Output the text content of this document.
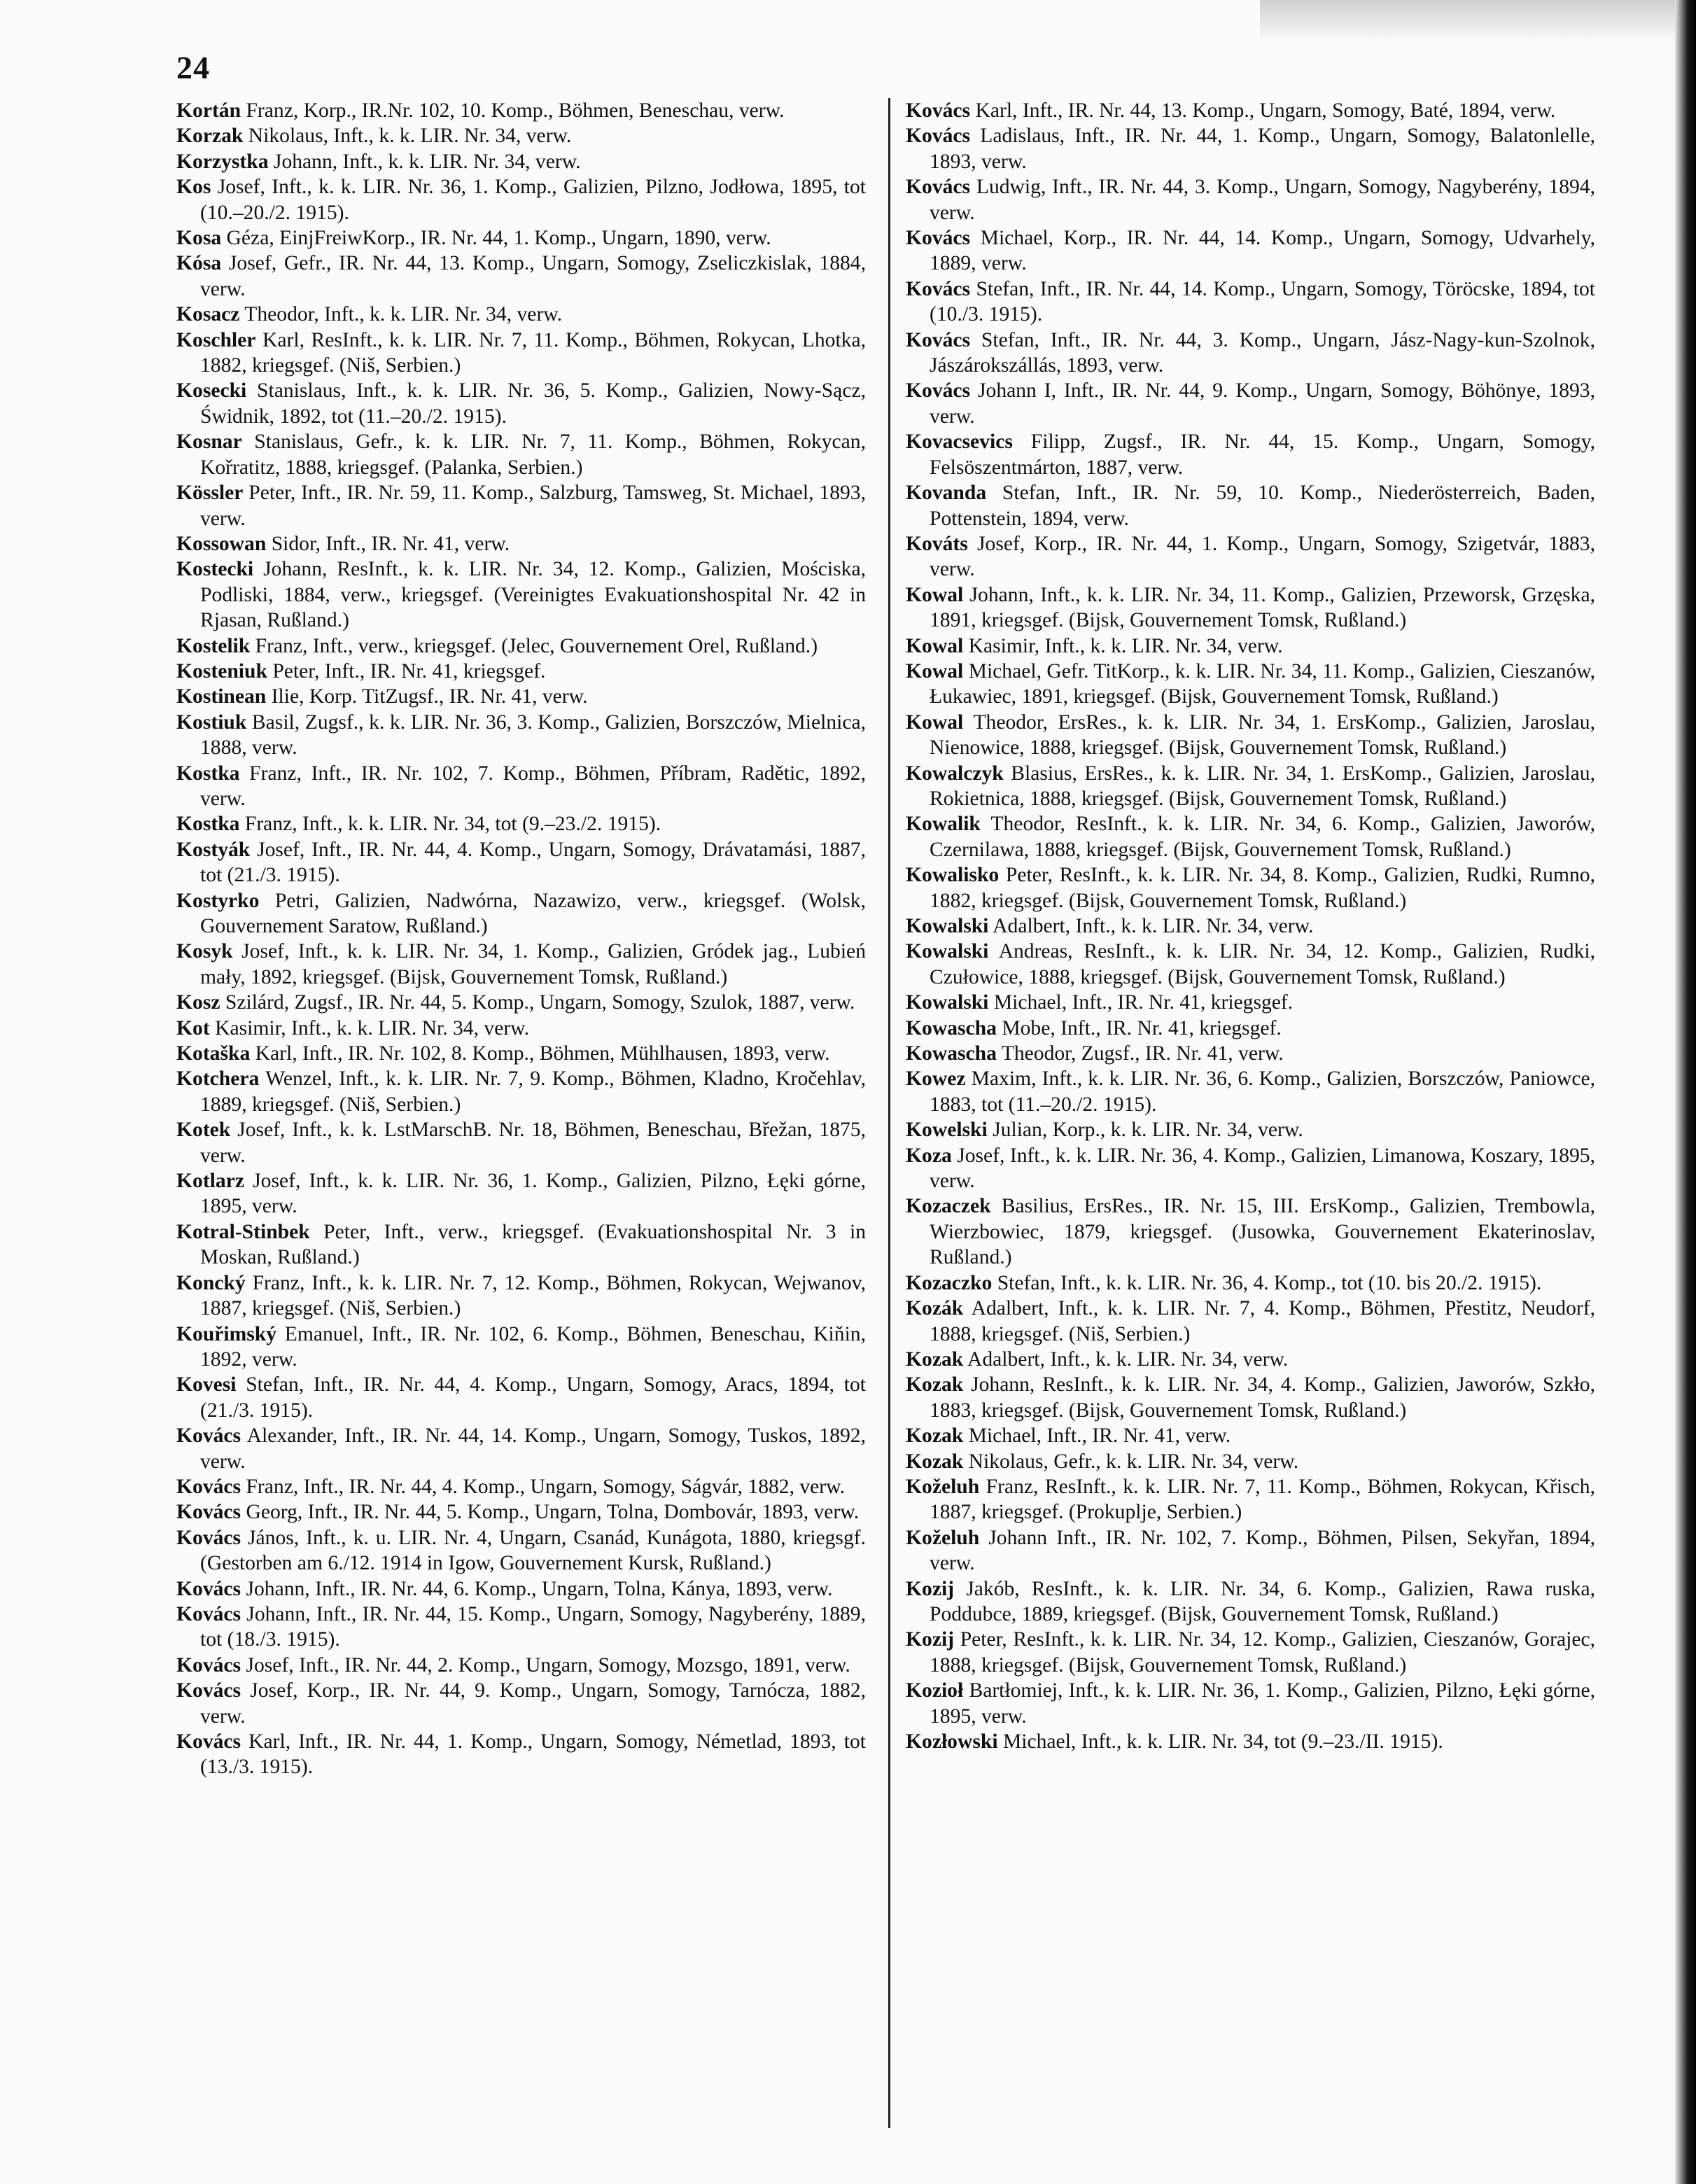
24

Kortán Franz, Korp., IR.Nr. 102, 10. Komp., Böhmen, Beneschau, verw.

Korzak Nikolaus, Inft., k. k. LIR. Nr. 34, verw.

Korzystka Johann, Inft., k. k. LIR. Nr. 34, verw.

Kos Josef, Inft., k. k. LIR. Nr. 36, 1. Komp., Galizien, Pilzno, Jodłowa, 1895, tot (10.–20./2. 1915).

Kosa Géza, EinjFreiwKorp., IR. Nr. 44, 1. Komp., Ungarn, 1890, verw.

Kósa Josef, Gefr., IR. Nr. 44, 13. Komp., Ungarn, Somogy, Zseliczkislak, 1884, verw.

Kosacz Theodor, Inft., k. k. LIR. Nr. 34, verw.

Koschler Karl, ResInft., k. k. LIR. Nr. 7, 11. Komp., Böhmen, Rokycan, Lhotka, 1882, kriegsgef. (Niš, Serbien.)

Kosecki Stanislaus, Inft., k. k. LIR. Nr. 36, 5. Komp., Galizien, Nowy-Sącz, Świdnik, 1892, tot (11.–20./2. 1915).

Kosnar Stanislaus, Gefr., k. k. LIR. Nr. 7, 11. Komp., Böhmen, Rokycan, Kořratitz, 1888, kriegsgef. (Palanka, Serbien.)

Kössler Peter, Inft., IR. Nr. 59, 11. Komp., Salzburg, Tamsweg, St. Michael, 1893, verw.

Kossowan Sidor, Inft., IR. Nr. 41, verw.

Kostecki Johann, ResInft., k. k. LIR. Nr. 34, 12. Komp., Galizien, Mościska, Podliski, 1884, verw., kriegsgef. (Vereinigtes Evakuationshospital Nr. 42 in Rjasan, Rußland.)

Kostelik Franz, Inft., verw., kriegsgef. (Jelec, Gouvernement Orel, Rußland.)

Kosteniuk Peter, Inft., IR. Nr. 41, kriegsgef.

Kostinean Ilie, Korp. TitZugsf., IR. Nr. 41, verw.

Kostiuk Basil, Zugsf., k. k. LIR. Nr. 36, 3. Komp., Galizien, Borszczów, Mielnica, 1888, verw.

Kostka Franz, Inft., IR. Nr. 102, 7. Komp., Böhmen, Příbram, Radětic, 1892, verw.

Kostka Franz, Inft., k. k. LIR. Nr. 34, tot (9.–23./2. 1915).

Kostyák Josef, Inft., IR. Nr. 44, 4. Komp., Ungarn, Somogy, Drávatamási, 1887, tot (21./3. 1915).

Kostyrko Petri, Galizien, Nadwórna, Nazawizo, verw., kriegsgef. (Wolsk, Gouvernement Saratow, Rußland.)

Kosyk Josef, Inft., k. k. LIR. Nr. 34, 1. Komp., Galizien, Gródek jag., Lubień mały, 1892, kriegsgef. (Bijsk, Gouvernement Tomsk, Rußland.)

Kosz Szilárd, Zugsf., IR. Nr. 44, 5. Komp., Ungarn, Somogy, Szulok, 1887, verw.

Kot Kasimir, Inft., k. k. LIR. Nr. 34, verw.

Kotaška Karl, Inft., IR. Nr. 102, 8. Komp., Böhmen, Mühlhausen, 1893, verw.

Kotchera Wenzel, Inft., k. k. LIR. Nr. 7, 9. Komp., Böhmen, Kladno, Kročehlav, 1889, kriegsgef. (Niš, Serbien.)

Kotek Josef, Inft., k. k. LstMarschB. Nr. 18, Böhmen, Beneschau, Břežan, 1875, verw.

Kotlarz Josef, Inft., k. k. LIR. Nr. 36, 1. Komp., Galizien, Pilzno, Łęki górne, 1895, verw.

Kotral-Stinbek Peter, Inft., verw., kriegsgef. (Evakuationshospital Nr. 3 in Moskan, Rußland.)

Koncký Franz, Inft., k. k. LIR. Nr. 7, 12. Komp., Böhmen, Rokycan, Wejwanov, 1887, kriegsgef. (Niš, Serbien.)

Kouřimský Emanuel, Inft., IR. Nr. 102, 6. Komp., Böhmen, Beneschau, Kiňin, 1892, verw.

Kovesi Stefan, Inft., IR. Nr. 44, 4. Komp., Ungarn, Somogy, Aracs, 1894, tot (21./3. 1915).

Kovács Alexander, Inft., IR. Nr. 44, 14. Komp., Ungarn, Somogy, Tuskos, 1892, verw.

Kovács Franz, Inft., IR. Nr. 44, 4. Komp., Ungarn, Somogy, Ságvár, 1882, verw.

Kovács Georg, Inft., IR. Nr. 44, 5. Komp., Ungarn, Tolna, Dombovár, 1893, verw.

Kovács János, Inft., k. u. LIR. Nr. 4, Ungarn, Csanád, Kunágota, 1880, kriegsgf. (Gestorben am 6./12. 1914 in Igow, Gouvernement Kursk, Rußland.)

Kovács Johann, Inft., IR. Nr. 44, 6. Komp., Ungarn, Tolna, Kánya, 1893, verw.

Kovács Johann, Inft., IR. Nr. 44, 15. Komp., Ungarn, Somogy, Nagyberény, 1889, tot (18./3. 1915).

Kovács Josef, Inft., IR. Nr. 44, 2. Komp., Ungarn, Somogy, Mozsgo, 1891, verw.

Kovács Josef, Korp., IR. Nr. 44, 9. Komp., Ungarn, Somogy, Tarnócza, 1882, verw.

Kovács Karl, Inft., IR. Nr. 44, 1. Komp., Ungarn, Somogy, Németlad, 1893, tot (13./3. 1915).

Kovács Karl, Inft., IR. Nr. 44, 13. Komp., Ungarn, Somogy, Baté, 1894, verw.

Kovács Ladislaus, Inft., IR. Nr. 44, 1. Komp., Ungarn, Somogy, Balatonlelle, 1893, verw.

Kovács Ludwig, Inft., IR. Nr. 44, 3. Komp., Ungarn, Somogy, Nagyberény, 1894, verw.

Kovács Michael, Korp., IR. Nr. 44, 14. Komp., Ungarn, Somogy, Udvarhely, 1889, verw.

Kovács Stefan, Inft., IR. Nr. 44, 14. Komp., Ungarn, Somogy, Töröcske, 1894, tot (10./3. 1915).

Kovács Stefan, Inft., IR. Nr. 44, 3. Komp., Ungarn, Jász-Nagy-kun-Szolnok, Jászárokszállás, 1893, verw.

Kovács Johann I, Inft., IR. Nr. 44, 9. Komp., Ungarn, Somogy, Böhönye, 1893, verw.

Kovacsevics Filipp, Zugsf., IR. Nr. 44, 15. Komp., Ungarn, Somogy, Felsöszentmárton, 1887, verw.

Kovanda Stefan, Inft., IR. Nr. 59, 10. Komp., Niederösterreich, Baden, Pottenstein, 1894, verw.

Kováts Josef, Korp., IR. Nr. 44, 1. Komp., Ungarn, Somogy, Szigetvár, 1883, verw.

Kowal Johann, Inft., k. k. LIR. Nr. 34, 11. Komp., Galizien, Przeworsk, Grzęska, 1891, kriegsgef. (Bijsk, Gouvernement Tomsk, Rußland.)

Kowal Kasimir, Inft., k. k. LIR. Nr. 34, verw.

Kowal Michael, Gefr. TitKorp., k. k. LIR. Nr. 34, 11. Komp., Galizien, Cieszanów, Łukawiec, 1891, kriegsgef. (Bijsk, Gouvernement Tomsk, Rußland.)

Kowal Theodor, ErsRes., k. k. LIR. Nr. 34, 1. ErsKomp., Galizien, Jaroslau, Nienowice, 1888, kriegsgef. (Bijsk, Gouvernement Tomsk, Rußland.)

Kowalczyk Blasius, ErsRes., k. k. LIR. Nr. 34, 1. ErsKomp., Galizien, Jaroslau, Rokietnica, 1888, kriegsgef. (Bijsk, Gouvernement Tomsk, Rußland.)

Kowalik Theodor, ResInft., k. k. LIR. Nr. 34, 6. Komp., Galizien, Jaworów, Czernilawa, 1888, kriegsgef. (Bijsk, Gouvernement Tomsk, Rußland.)

Kowalisko Peter, ResInft., k. k. LIR. Nr. 34, 8. Komp., Galizien, Rudki, Rumno, 1882, kriegsgef. (Bijsk, Gouvernement Tomsk, Rußland.)

Kowalski Adalbert, Inft., k. k. LIR. Nr. 34, verw.

Kowalski Andreas, ResInft., k. k. LIR. Nr. 34, 12. Komp., Galizien, Rudki, Czułowice, 1888, kriegsgef. (Bijsk, Gouvernement Tomsk, Rußland.)

Kowalski Michael, Inft., IR. Nr. 41, kriegsgef.

Kowascha Mobe, Inft., IR. Nr. 41, kriegsgef.

Kowascha Theodor, Zugsf., IR. Nr. 41, verw.

Kowez Maxim, Inft., k. k. LIR. Nr. 36, 6. Komp., Galizien, Borszczów, Paniowce, 1883, tot (11.–20./2. 1915).

Kowelski Julian, Korp., k. k. LIR. Nr. 34, verw.

Koza Josef, Inft., k. k. LIR. Nr. 36, 4. Komp., Galizien, Limanowa, Koszary, 1895, verw.

Kozaczek Basilius, ErsRes., IR. Nr. 15, III. ErsKomp., Galizien, Trembowla, Wierzbowiec, 1879, kriegsgef. (Jusowka, Gouvernement Ekaterinoslav, Rußland.)

Kozaczko Stefan, Inft., k. k. LIR. Nr. 36, 4. Komp., tot (10. bis 20./2. 1915).

Kozák Adalbert, Inft., k. k. LIR. Nr. 7, 4. Komp., Böhmen, Přestitz, Neudorf, 1888, kriegsgef. (Niš, Serbien.)

Kozak Adalbert, Inft., k. k. LIR. Nr. 34, verw.

Kozak Johann, ResInft., k. k. LIR. Nr. 34, 4. Komp., Galizien, Jaworów, Szkło, 1883, kriegsgef. (Bijsk, Gouvernement Tomsk, Rußland.)

Kozak Michael, Inft., IR. Nr. 41, verw.

Kozak Nikolaus, Gefr., k. k. LIR. Nr. 34, verw.

Koželuh Franz, ResInft., k. k. LIR. Nr. 7, 11. Komp., Böhmen, Rokycan, Křisch, 1887, kriegsgef. (Prokuplje, Serbien.)

Koželuh Johann Inft., IR. Nr. 102, 7. Komp., Böhmen, Pilsen, Sekyřan, 1894, verw.

Kozij Jakób, ResInft., k. k. LIR. Nr. 34, 6. Komp., Galizien, Rawa ruska, Poddubce, 1889, kriegsgef. (Bijsk, Gouvernement Tomsk, Rußland.)

Kozij Peter, ResInft., k. k. LIR. Nr. 34, 12. Komp., Galizien, Cieszanów, Gorajec, 1888, kriegsgef. (Bijsk, Gouvernement Tomsk, Rußland.)

Kozioł Bartłomiej, Inft., k. k. LIR. Nr. 36, 1. Komp., Galizien, Pilzno, Łęki górne, 1895, verw.

Kozłowski Michael, Inft., k. k. LIR. Nr. 34, tot (9.–23./II. 1915).
